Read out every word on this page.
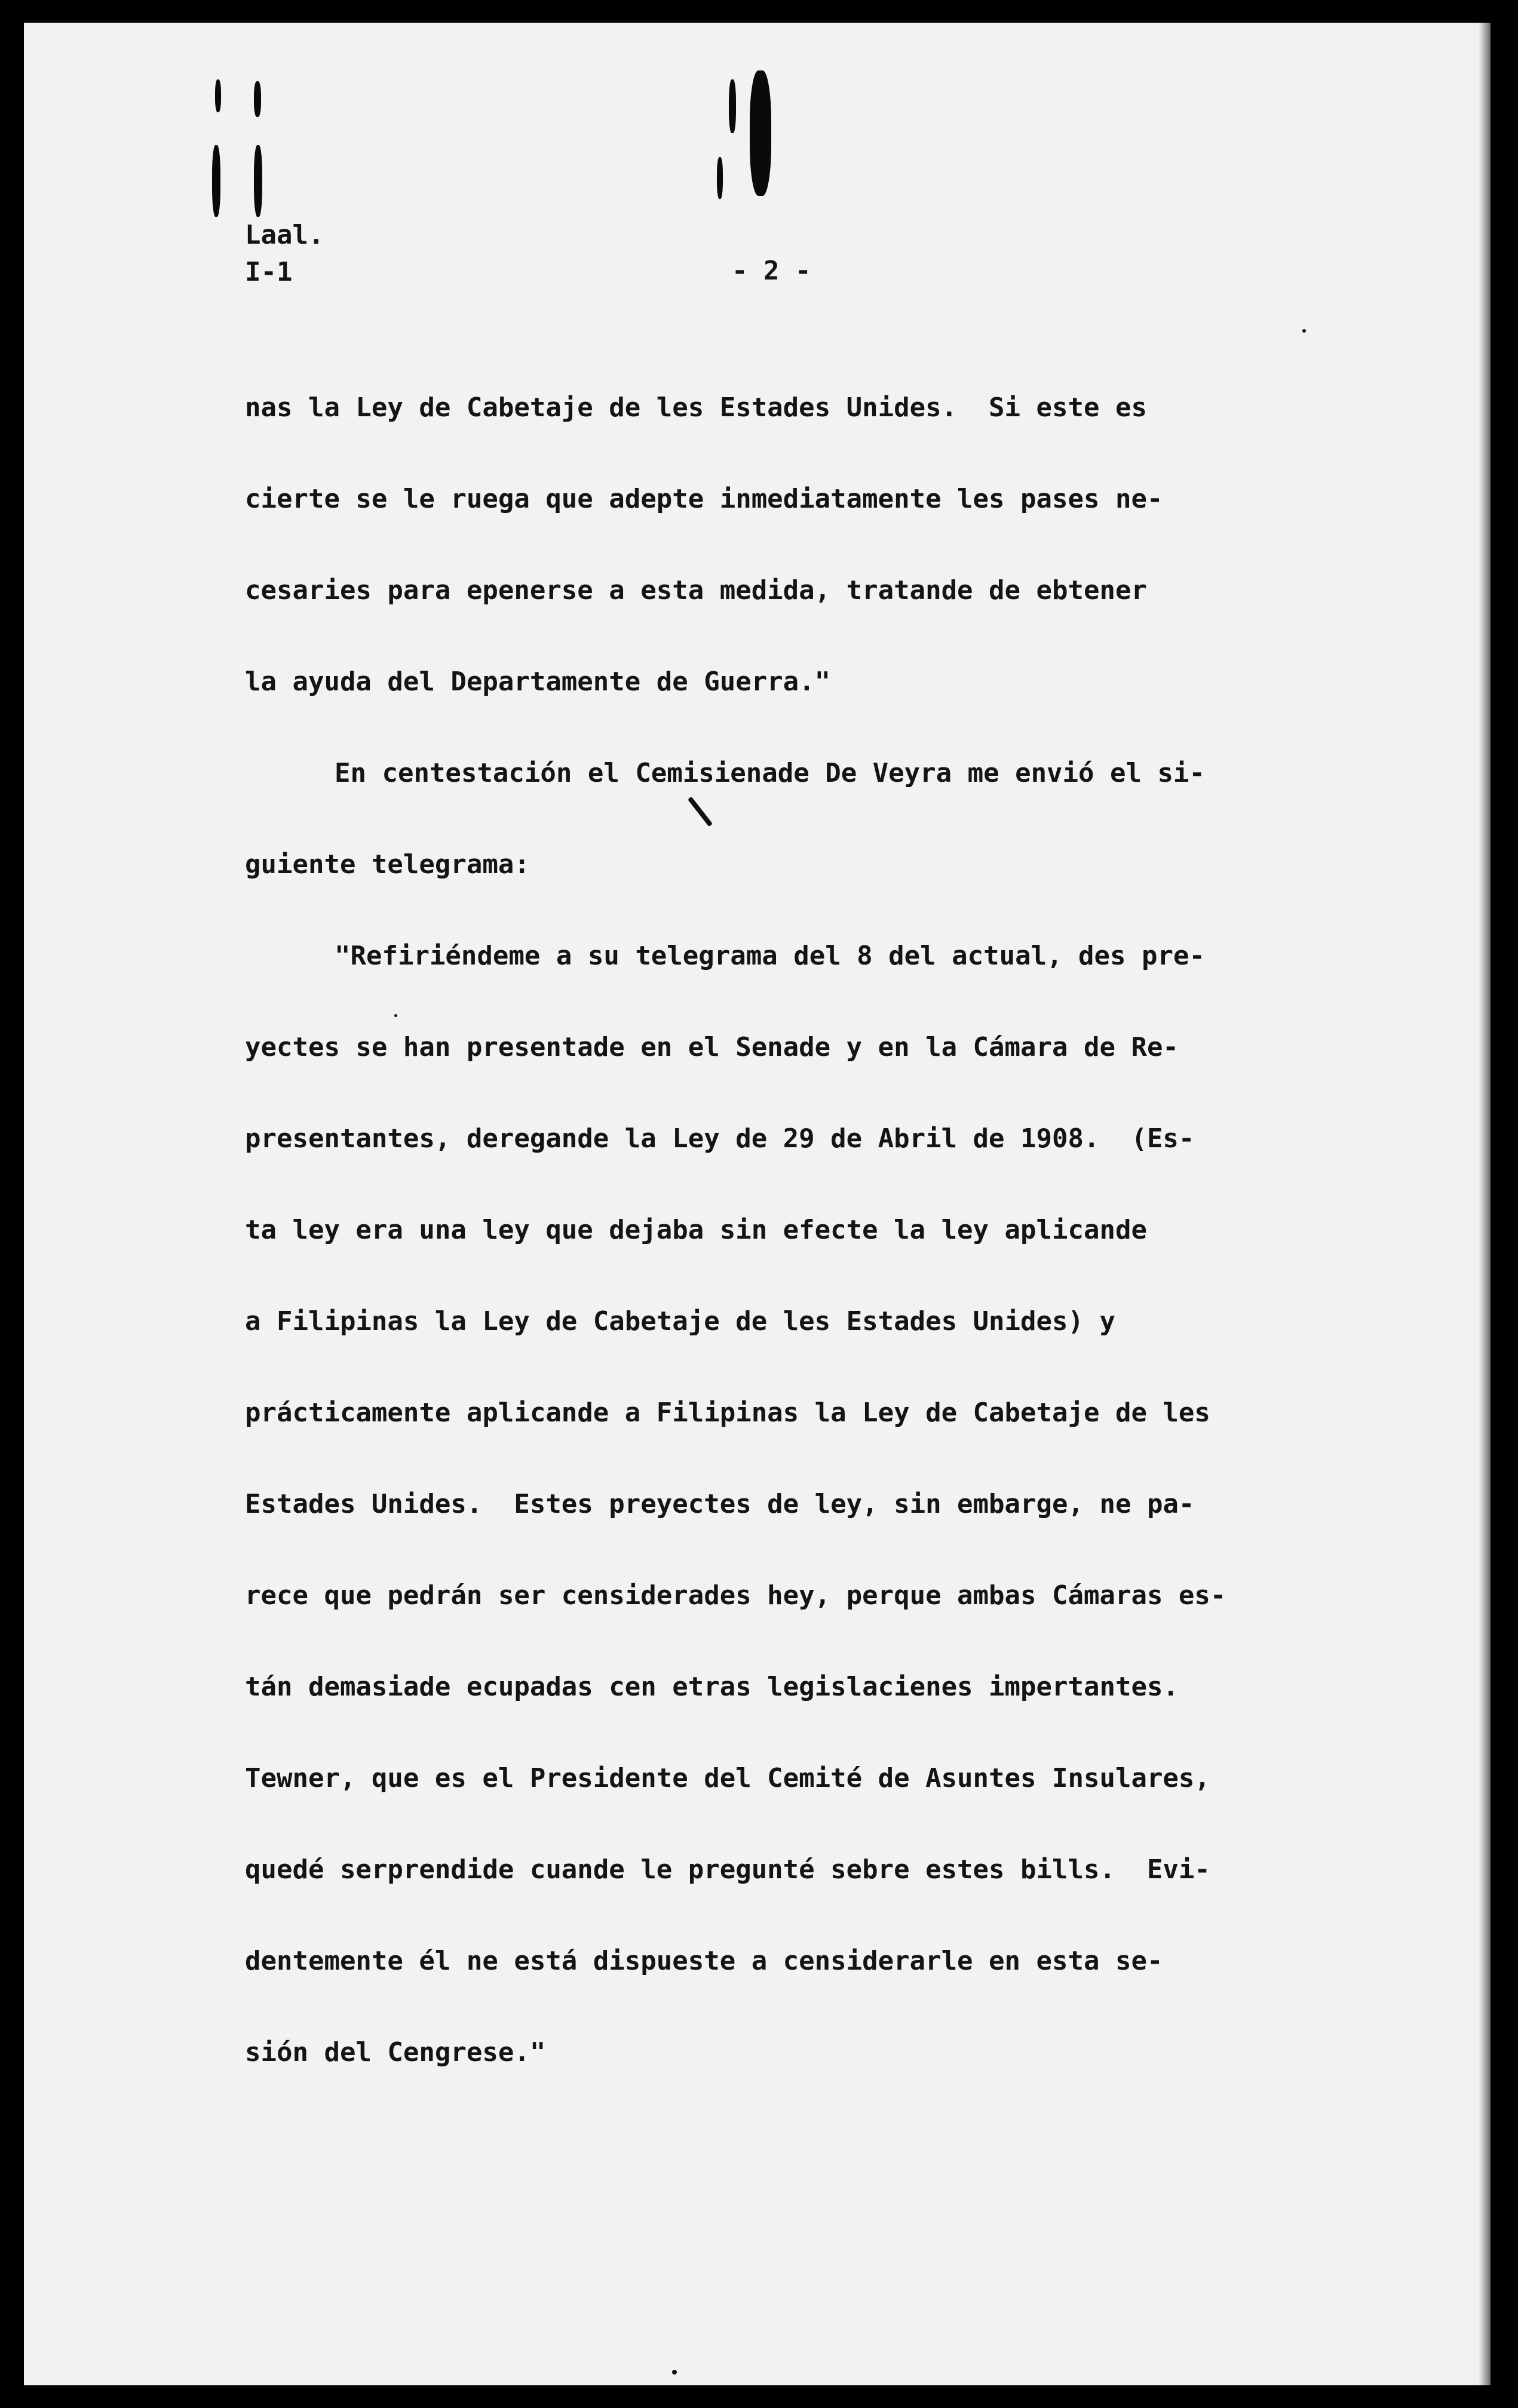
Laal.
I-1	- 2 -
nas la Ley de Cabetaje de les Estades Unides.  Si este es
cierte se le ruega que adepte inmediatamente les pases ne-
cesaries para epenerse a esta medida, tratande de ebtener
la ayuda del Departamente de Guerra."
En centestación el Cemisienade De Veyra me envió el si-
guiente telegrama:
"Refiriéndeme a su telegrama del 8 del actual, des pre-
yectes se han presentade en el Senade y en la Cámara de Re-
presentantes, deregande la Ley de 29 de Abril de 1908.  (Es-
ta ley era una ley que dejaba sin efecte la ley aplicande
a Filipinas la Ley de Cabetaje de les Estades Unides) y
prácticamente aplicande a Filipinas la Ley de Cabetaje de les
Estades Unides.  Estes preyectes de ley, sin embarge, ne pa-
rece que pedrán ser censiderades hey, perque ambas Cámaras es-
tán demasiade ecupadas cen etras legislacienes impertantes.
Tewner, que es el Presidente del Cemité de Asuntes Insulares,
quedé serprendide cuande le pregunté sebre estes bills.  Evi-
dentemente él ne está dispueste a censiderarle en esta se-
sión del Cengrese."
